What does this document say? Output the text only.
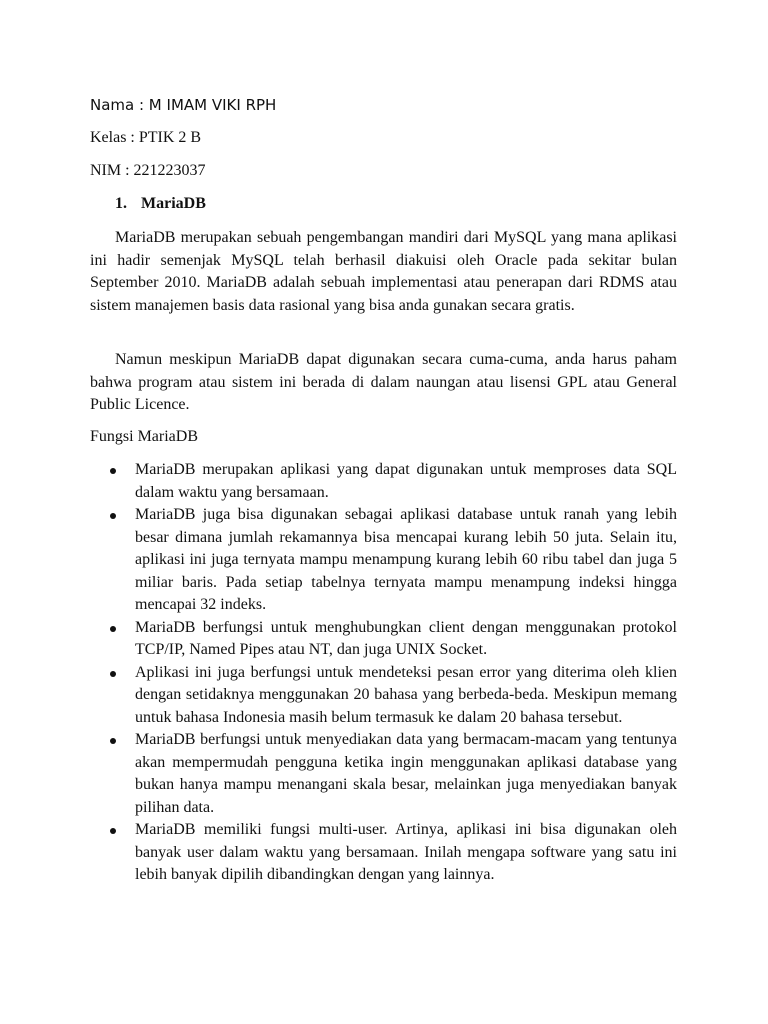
Nama : M IMAM VIKI RPH
Kelas : PTIK 2 B
NIM : 221223037
1. MariaDB

MariaDB merupakan sebuah pengembangan mandiri dari MySQL yang mana aplikasi ini hadir semenjak MySQL telah berhasil diakuisi oleh Oracle pada sekitar bulan September 2010. MariaDB adalah sebuah implementasi atau penerapan dari RDMS atau sistem manajemen basis data rasional yang bisa anda gunakan secara gratis.

Namun meskipun MariaDB dapat digunakan secara cuma-cuma, anda harus paham bahwa program atau sistem ini berada di dalam naungan atau lisensi GPL atau General Public Licence.

Fungsi MariaDB
MariaDB merupakan aplikasi yang dapat digunakan untuk memproses data SQL dalam waktu yang bersamaan.
MariaDB juga bisa digunakan sebagai aplikasi database untuk ranah yang lebih besar dimana jumlah rekamannya bisa mencapai kurang lebih 50 juta. Selain itu, aplikasi ini juga ternyata mampu menampung kurang lebih 60 ribu tabel dan juga 5 miliar baris. Pada setiap tabelnya ternyata mampu menampung indeksi hingga mencapai 32 indeks.
MariaDB berfungsi untuk menghubungkan client dengan menggunakan protokol TCP/IP, Named Pipes atau NT, dan juga UNIX Socket.
Aplikasi ini juga berfungsi untuk mendeteksi pesan error yang diterima oleh klien dengan setidaknya menggunakan 20 bahasa yang berbeda-beda. Meskipun memang untuk bahasa Indonesia masih belum termasuk ke dalam 20 bahasa tersebut.
MariaDB berfungsi untuk menyediakan data yang bermacam-macam yang tentunya akan mempermudah pengguna ketika ingin menggunakan aplikasi database yang bukan hanya mampu menangani skala besar, melainkan juga menyediakan banyak pilihan data.
MariaDB memiliki fungsi multi-user. Artinya, aplikasi ini bisa digunakan oleh banyak user dalam waktu yang bersamaan. Inilah mengapa software yang satu ini lebih banyak dipilih dibandingkan dengan yang lainnya.
